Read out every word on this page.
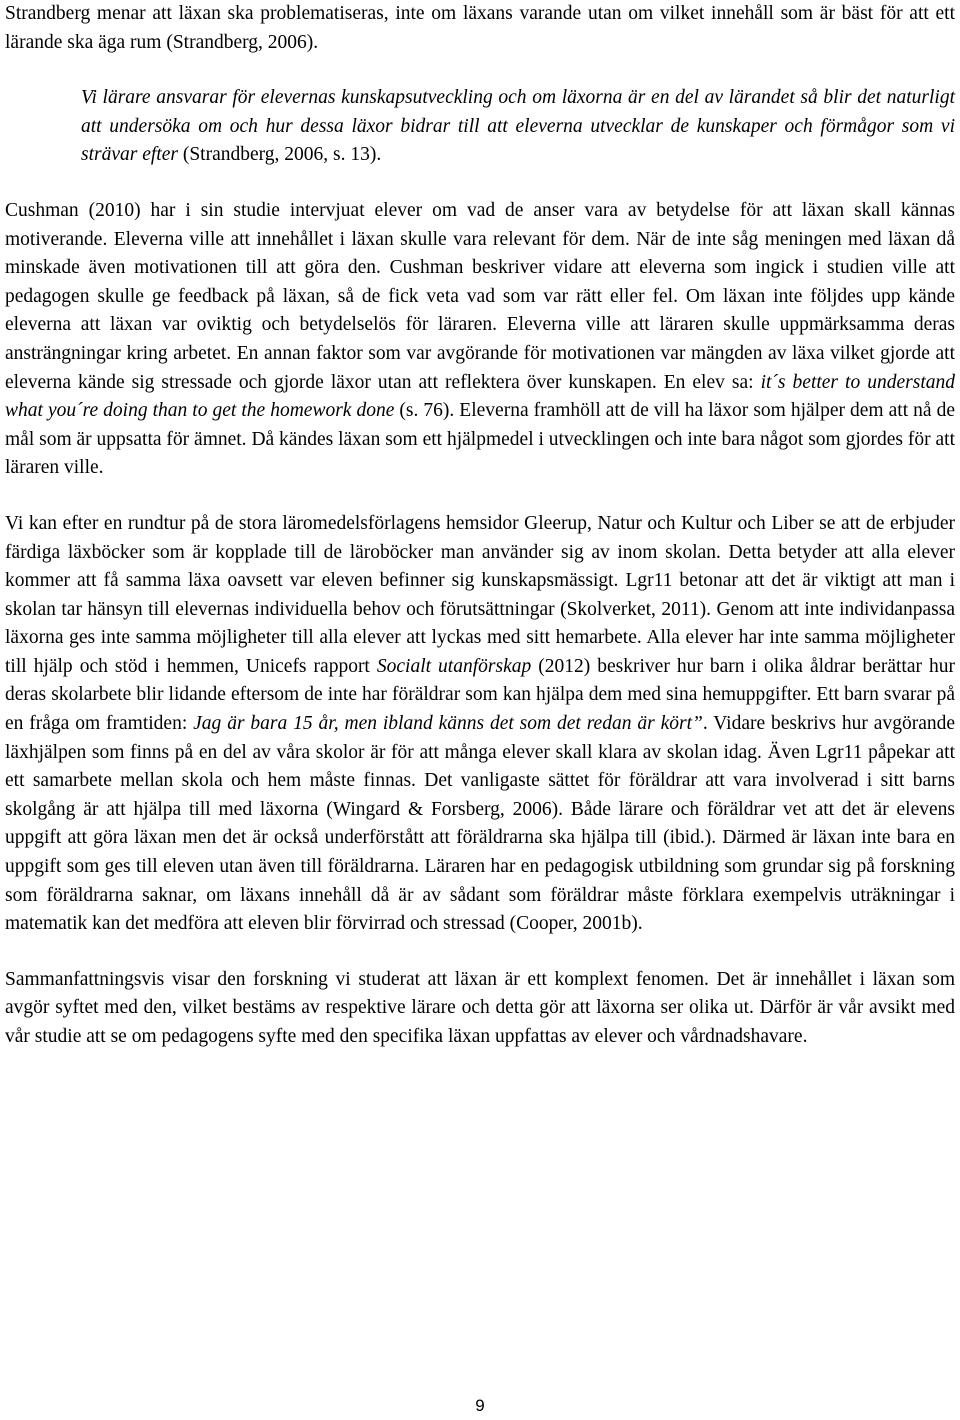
Strandberg menar att läxan ska problematiseras, inte om läxans varande utan om vilket innehåll som är bäst för att ett lärande ska äga rum (Strandberg, 2006).

Vi lärare ansvarar för elevernas kunskapsutveckling och om läxorna är en del av lärandet så blir det naturligt att undersöka om och hur dessa läxor bidrar till att eleverna utvecklar de kunskaper och förmågor som vi strävar efter (Strandberg, 2006, s. 13).

Cushman (2010) har i sin studie intervjuat elever om vad de anser vara av betydelse för att läxan skall kännas motiverande. Eleverna ville att innehållet i läxan skulle vara relevant för dem. När de inte såg meningen med läxan då minskade även motivationen till att göra den. Cushman beskriver vidare att eleverna som ingick i studien ville att pedagogen skulle ge feedback på läxan, så de fick veta vad som var rätt eller fel. Om läxan inte följdes upp kände eleverna att läxan var oviktig och betydelselös för läraren. Eleverna ville att läraren skulle uppmärksamma deras ansträngningar kring arbetet. En annan faktor som var avgörande för motivationen var mängden av läxa vilket gjorde att eleverna kände sig stressade och gjorde läxor utan att reflektera över kunskapen. En elev sa: it´s better to understand what you´re doing than to get the homework done (s. 76). Eleverna framhöll att de vill ha läxor som hjälper dem att nå de mål som är uppsatta för ämnet. Då kändes läxan som ett hjälpmedel i utvecklingen och inte bara något som gjordes för att läraren ville.

Vi kan efter en rundtur på de stora läromedelsförlagens hemsidor Gleerup, Natur och Kultur och Liber se att de erbjuder färdiga läxböcker som är kopplade till de läroböcker man använder sig av inom skolan. Detta betyder att alla elever kommer att få samma läxa oavsett var eleven befinner sig kunskapsmässigt. Lgr11 betonar att det är viktigt att man i skolan tar hänsyn till elevernas individuella behov och förutsättningar (Skolverket, 2011). Genom att inte individanpassa läxorna ges inte samma möjligheter till alla elever att lyckas med sitt hemarbete. Alla elever har inte samma möjligheter till hjälp och stöd i hemmen, Unicefs rapport Socialt utanförskap (2012) beskriver hur barn i olika åldrar berättar hur deras skolarbete blir lidande eftersom de inte har föräldrar som kan hjälpa dem med sina hemuppgifter. Ett barn svarar på en fråga om framtiden: Jag är bara 15 år, men ibland känns det som det redan är kört”. Vidare beskrivs hur avgörande läxhjälpen som finns på en del av våra skolor är för att många elever skall klara av skolan idag. Även Lgr11 påpekar att ett samarbete mellan skola och hem måste finnas. Det vanligaste sättet för föräldrar att vara involverad i sitt barns skolgång är att hjälpa till med läxorna (Wingard & Forsberg, 2006). Både lärare och föräldrar vet att det är elevens uppgift att göra läxan men det är också underförstått att föräldrarna ska hjälpa till (ibid.). Därmed är läxan inte bara en uppgift som ges till eleven utan även till föräldrarna. Läraren har en pedagogisk utbildning som grundar sig på forskning som föräldrarna saknar, om läxans innehåll då är av sådant som föräldrar måste förklara exempelvis uträkningar i matematik kan det medföra att eleven blir förvirrad och stressad (Cooper, 2001b).

Sammanfattningsvis visar den forskning vi studerat att läxan är ett komplext fenomen. Det är innehållet i läxan som avgör syftet med den, vilket bestäms av respektive lärare och detta gör att läxorna ser olika ut. Därför är vår avsikt med vår studie att se om pedagogens syfte med den specifika läxan uppfattas av elever och vårdnadshavare.

9
